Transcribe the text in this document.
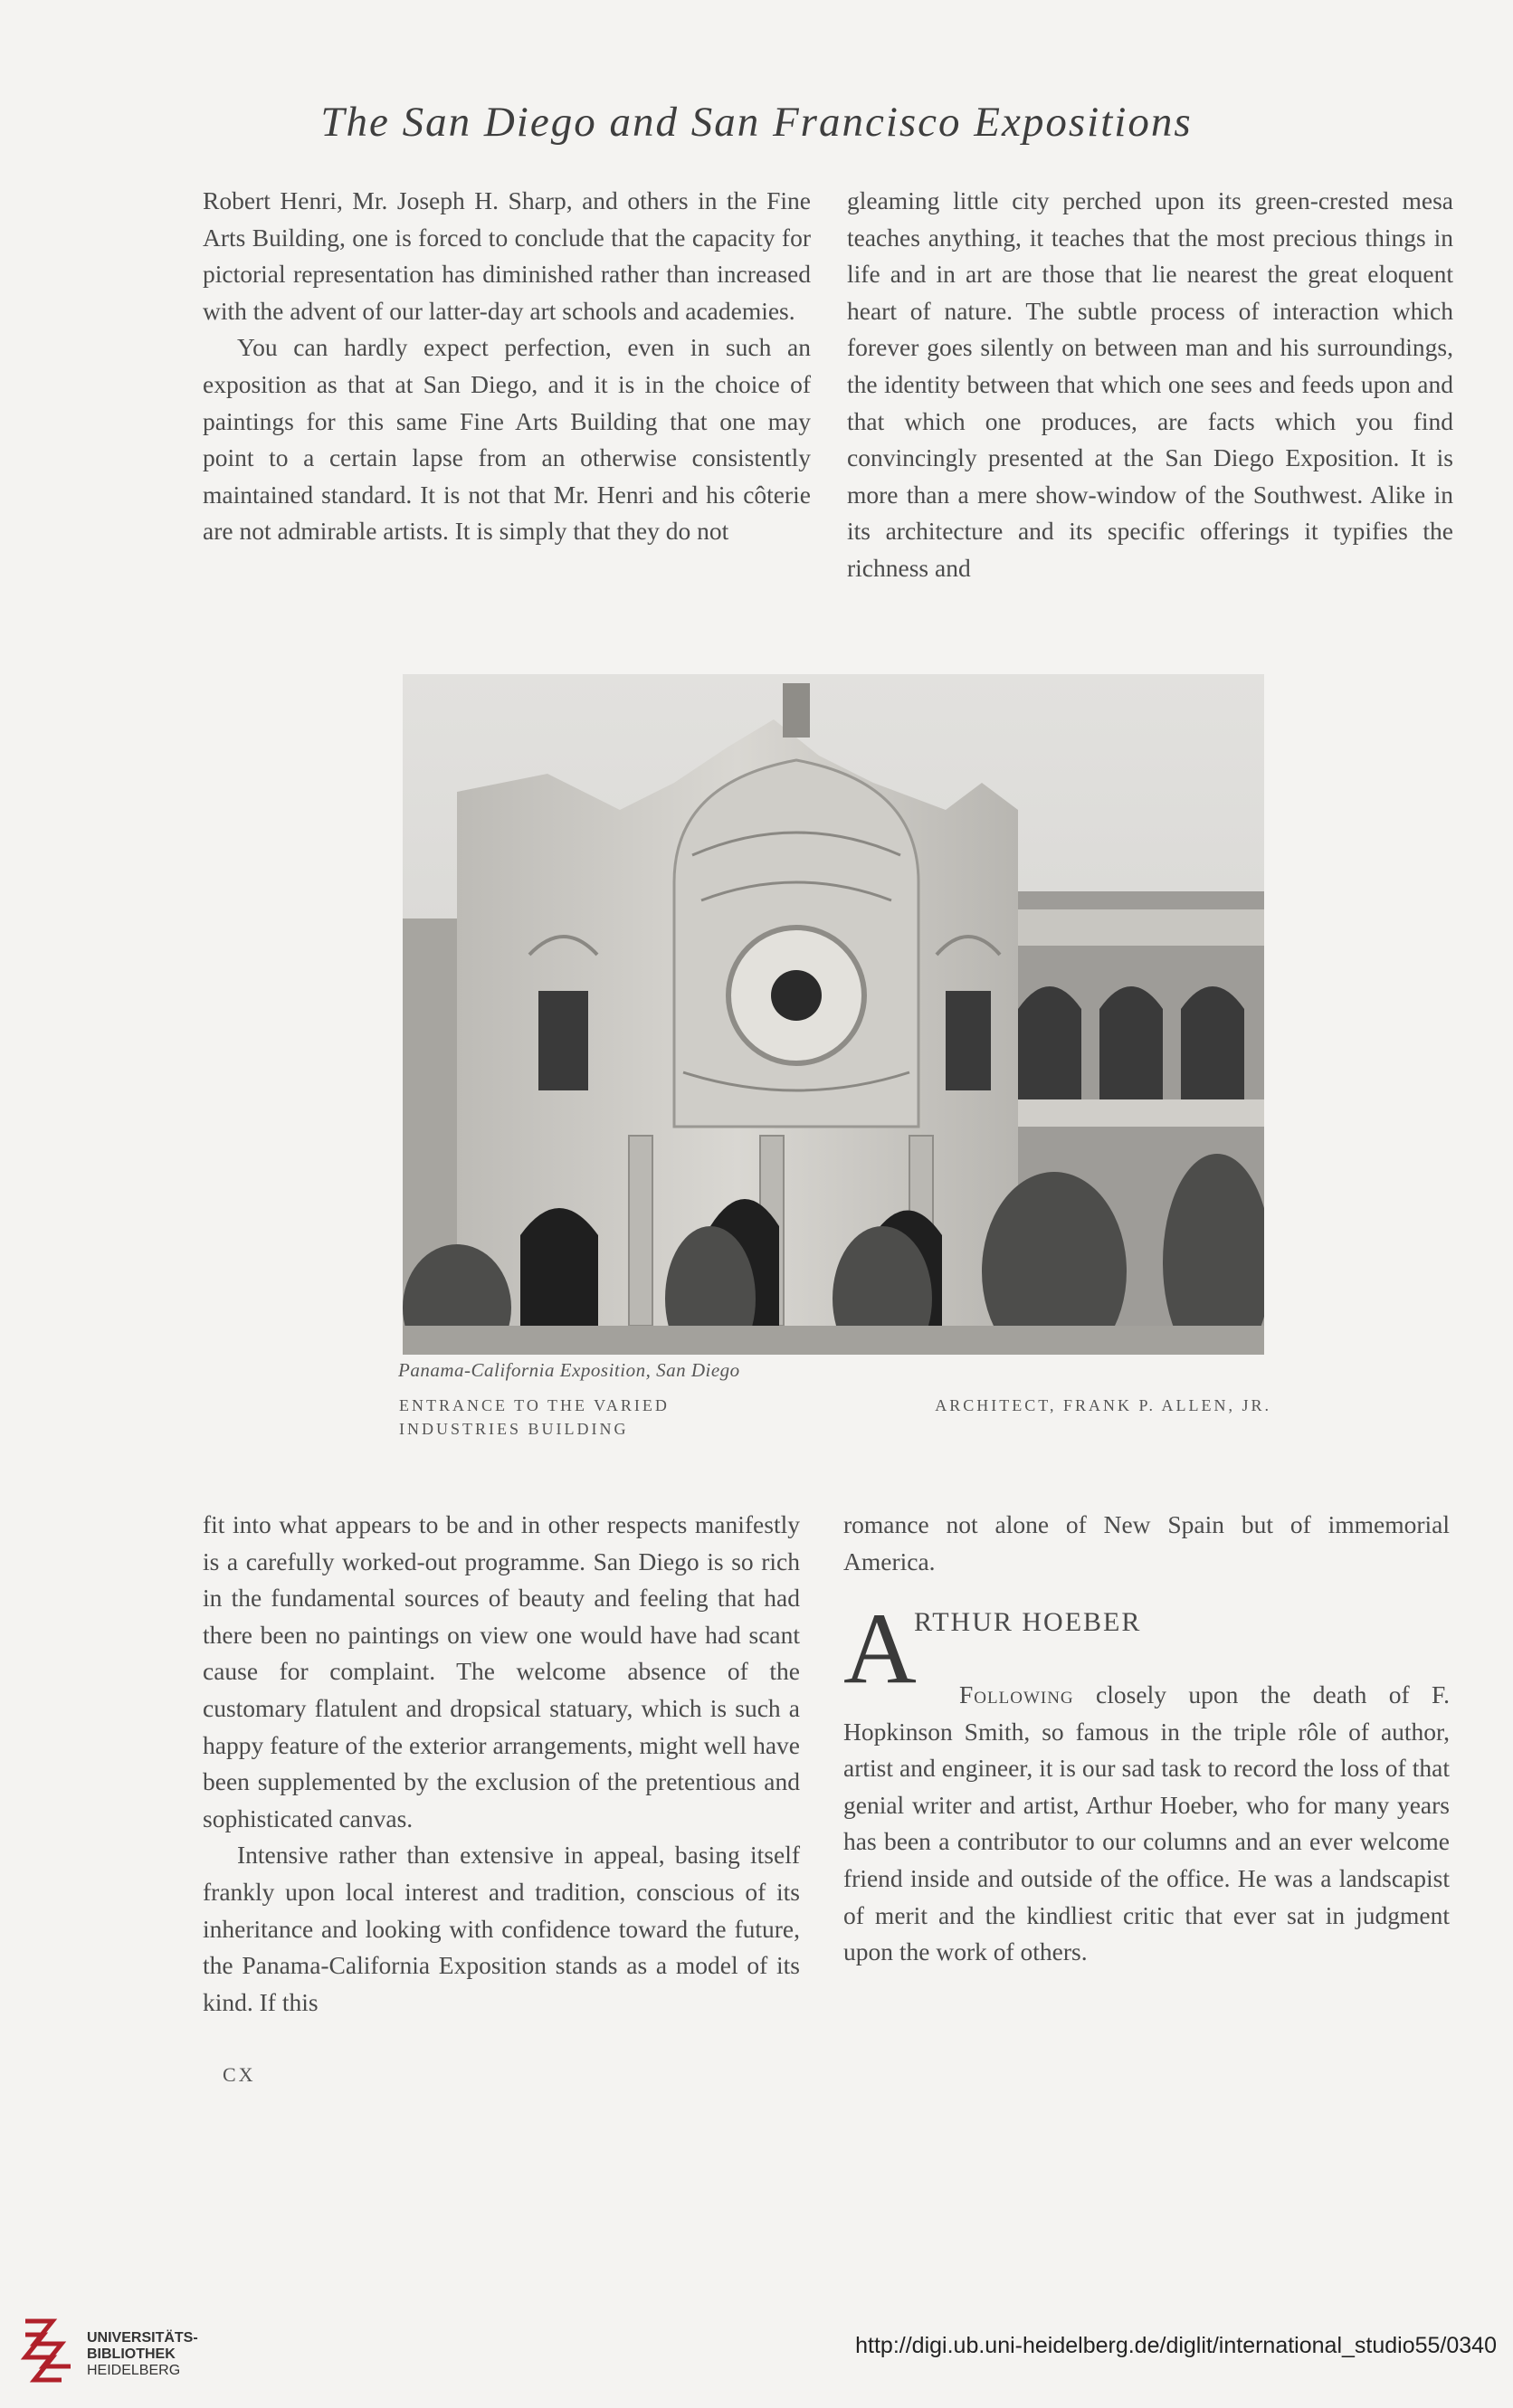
The San Diego and San Francisco Expositions

Robert Henri, Mr. Joseph H. Sharp, and others in the Fine Arts Building, one is forced to conclude that the capacity for pictorial representation has diminished rather than increased with the advent of our latter-day art schools and academies.

You can hardly expect perfection, even in such an exposition as that at San Diego, and it is in the choice of paintings for this same Fine Arts Building that one may point to a certain lapse from an otherwise consistently maintained standard. It is not that Mr. Henri and his côterie are not admirable artists. It is simply that they do not

gleaming little city perched upon its green-crested mesa teaches anything, it teaches that the most precious things in life and in art are those that lie nearest the great eloquent heart of nature. The subtle process of interaction which forever goes silently on between man and his surroundings, the identity between that which one sees and feeds upon and that which one produces, are facts which you find convincingly presented at the San Diego Exposition. It is more than a mere show-window of the Southwest. Alike in its architecture and its specific offerings it typifies the richness and

Panama-California Exposition, San Diego
ENTRANCE TO THE VARIED INDUSTRIES BUILDING
ARCHITECT, FRANK P. ALLEN, JR.

fit into what appears to be and in other respects manifestly is a carefully worked-out programme. San Diego is so rich in the fundamental sources of beauty and feeling that had there been no paintings on view one would have had scant cause for complaint. The welcome absence of the customary flatulent and dropsical statuary, which is such a happy feature of the exterior arrangements, might well have been supplemented by the exclusion of the pretentious and sophisticated canvas.

Intensive rather than extensive in appeal, basing itself frankly upon local interest and tradition, conscious of its inheritance and looking with confidence toward the future, the Panama-California Exposition stands as a model of its kind. If this

romance not alone of New Spain but of immemorial America.

A
RTHUR HOEBER

Following closely upon the death of F. Hopkinson Smith, so famous in the triple rôle of author, artist and engineer, it is our sad task to record the loss of that genial writer and artist, Arthur Hoeber, who for many years has been a contributor to our columns and an ever welcome friend inside and outside of the office. He was a landscapist of merit and the kindliest critic that ever sat in judgment upon the work of others.

CX
UNIVERSITÄTS-
BIBLIOTHEK
HEIDELBERG
http://digi.ub.uni-heidelberg.de/diglit/international_studio55/0340
